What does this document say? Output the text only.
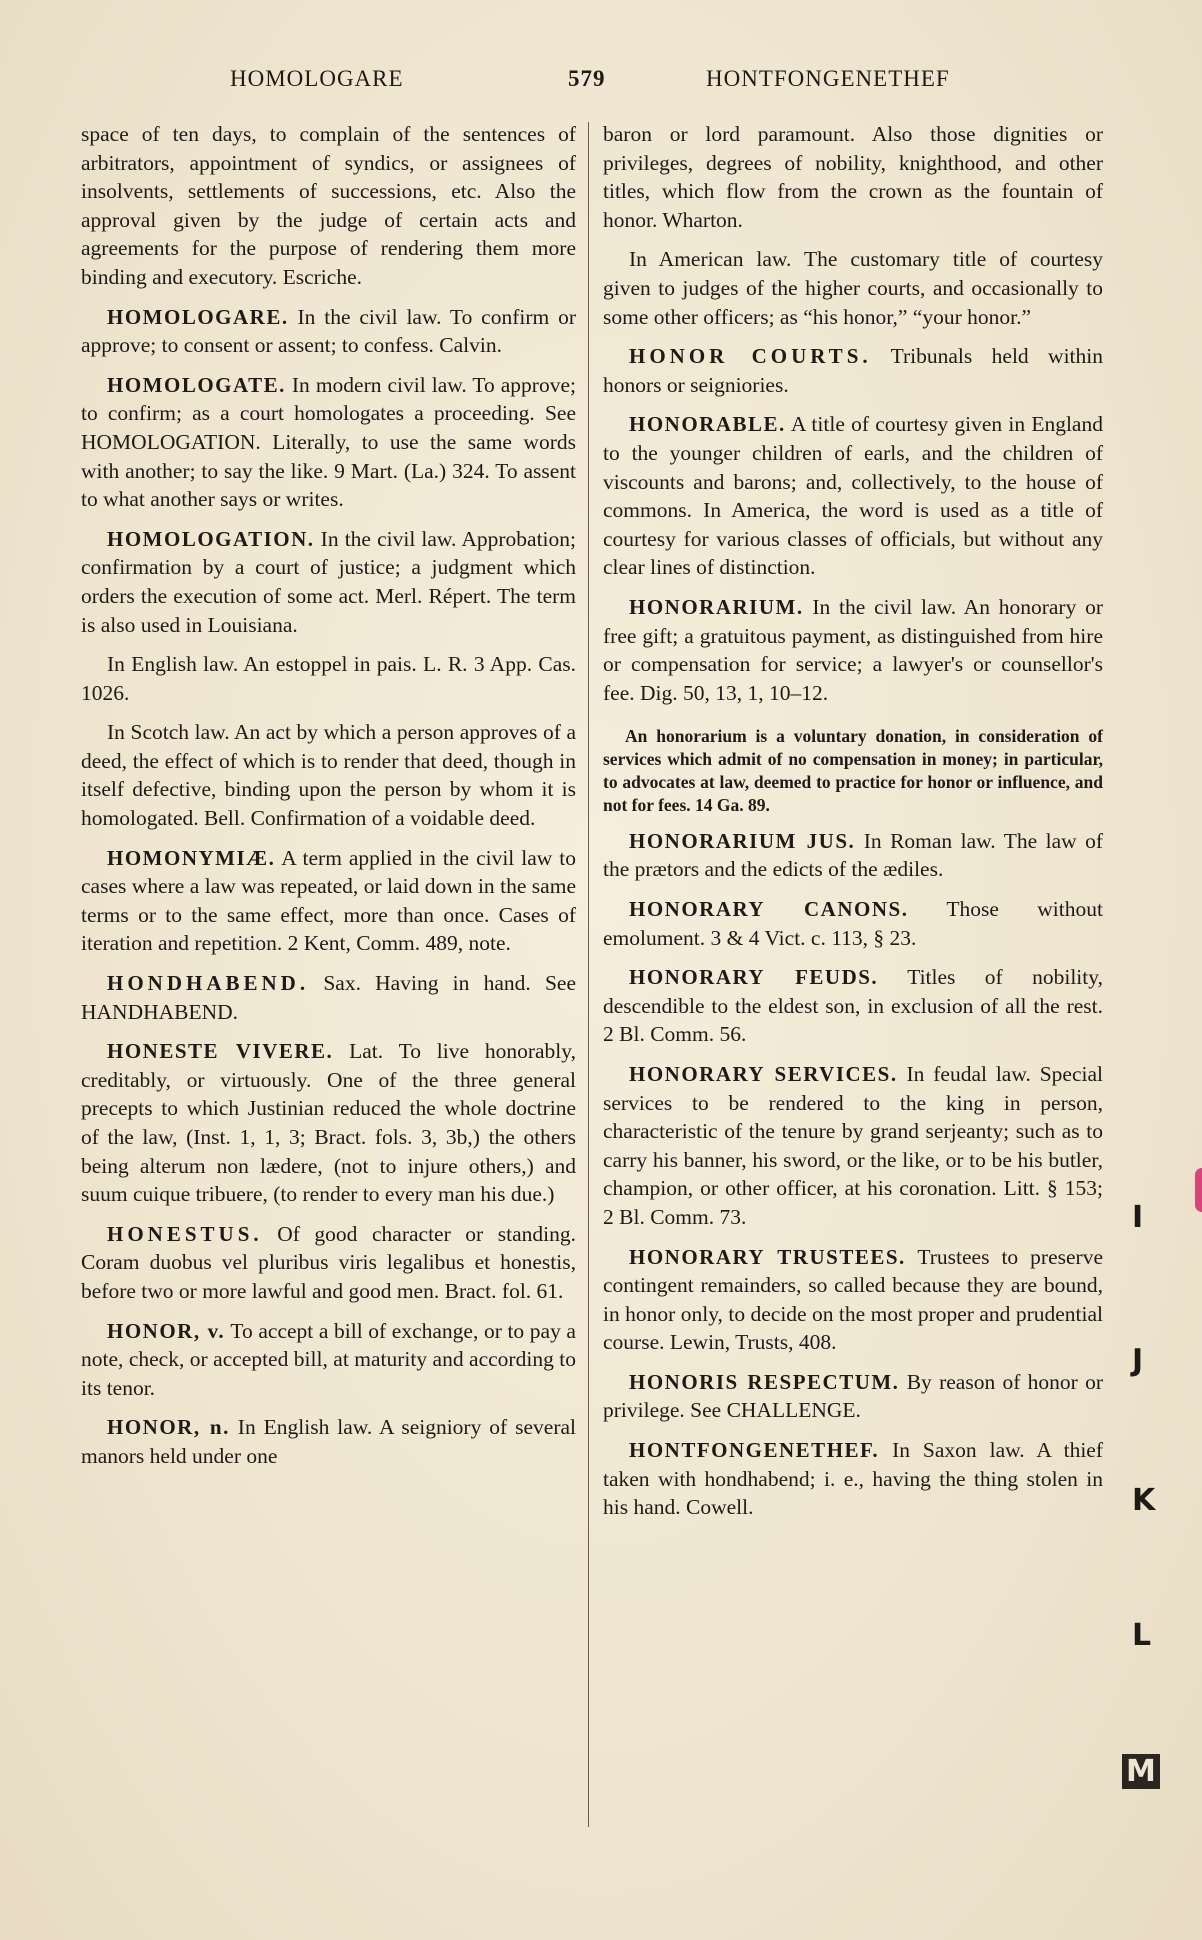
HOMOLOGARE	579	HONTFONGENETHEF

space of ten days, to complain of the sentences of arbitrators, appointment of syndics, or assignees of insolvents, settlements of successions, etc. Also the approval given by the judge of certain acts and agreements for the purpose of rendering them more binding and executory. Escriche.

HOMOLOGARE. In the civil law. To confirm or approve; to consent or assent; to confess. Calvin.

HOMOLOGATE. In modern civil law. To approve; to confirm; as a court homologates a proceeding. See HOMOLOGATION. Literally, to use the same words with another; to say the like. 9 Mart. (La.) 324. To assent to what another says or writes.

HOMOLOGATION. In the civil law. Approbation; confirmation by a court of justice; a judgment which orders the execution of some act. Merl. Répert. The term is also used in Louisiana.

In English law. An estoppel in pais. L. R. 3 App. Cas. 1026.

In Scotch law. An act by which a person approves of a deed, the effect of which is to render that deed, though in itself defective, binding upon the person by whom it is homologated. Bell. Confirmation of a voidable deed.

HOMONYMIÆ. A term applied in the civil law to cases where a law was repeated, or laid down in the same terms or to the same effect, more than once. Cases of iteration and repetition. 2 Kent, Comm. 489, note.

HONDHABEND. Sax. Having in hand. See HANDHABEND.

HONESTE VIVERE. Lat. To live honorably, creditably, or virtuously. One of the three general precepts to which Justinian reduced the whole doctrine of the law, (Inst. 1, 1, 3; Bract. fols. 3, 3b,) the others being alterum non lædere, (not to injure others,) and suum cuique tribuere, (to render to every man his due.)

HONESTUS. Of good character or standing. Coram duobus vel pluribus viris legalibus et honestis, before two or more lawful and good men. Bract. fol. 61.

HONOR, v. To accept a bill of exchange, or to pay a note, check, or accepted bill, at maturity and according to its tenor.

HONOR, n. In English law. A seigniory of several manors held under one

baron or lord paramount. Also those dignities or privileges, degrees of nobility, knighthood, and other titles, which flow from the crown as the fountain of honor. Wharton.

In American law. The customary title of courtesy given to judges of the higher courts, and occasionally to some other officers; as “his honor,” “your honor.”

HONOR COURTS. Tribunals held within honors or seigniories.

HONORABLE. A title of courtesy given in England to the younger children of earls, and the children of viscounts and barons; and, collectively, to the house of commons. In America, the word is used as a title of courtesy for various classes of officials, but without any clear lines of distinction.

HONORARIUM. In the civil law. An honorary or free gift; a gratuitous payment, as distinguished from hire or compensation for service; a lawyer's or counsellor's fee. Dig. 50, 13, 1, 10–12.

An honorarium is a voluntary donation, in consideration of services which admit of no compensation in money; in particular, to advocates at law, deemed to practice for honor or influence, and not for fees. 14 Ga. 89.

HONORARIUM JUS. In Roman law. The law of the prætors and the edicts of the ædiles.

HONORARY CANONS. Those without emolument. 3 & 4 Vict. c. 113, § 23.

HONORARY FEUDS. Titles of nobility, descendible to the eldest son, in exclusion of all the rest. 2 Bl. Comm. 56.

HONORARY SERVICES. In feudal law. Special services to be rendered to the king in person, characteristic of the tenure by grand serjeanty; such as to carry his banner, his sword, or the like, or to be his butler, champion, or other officer, at his coronation. Litt. § 153; 2 Bl. Comm. 73.

HONORARY TRUSTEES. Trustees to preserve contingent remainders, so called because they are bound, in honor only, to decide on the most proper and prudential course. Lewin, Trusts, 408.

HONORIS RESPECTUM. By reason of honor or privilege. See CHALLENGE.

HONTFONGENETHEF. In Saxon law. A thief taken with hondhabend; i. e., having the thing stolen in his hand. Cowell.

I
J
K
L
M
